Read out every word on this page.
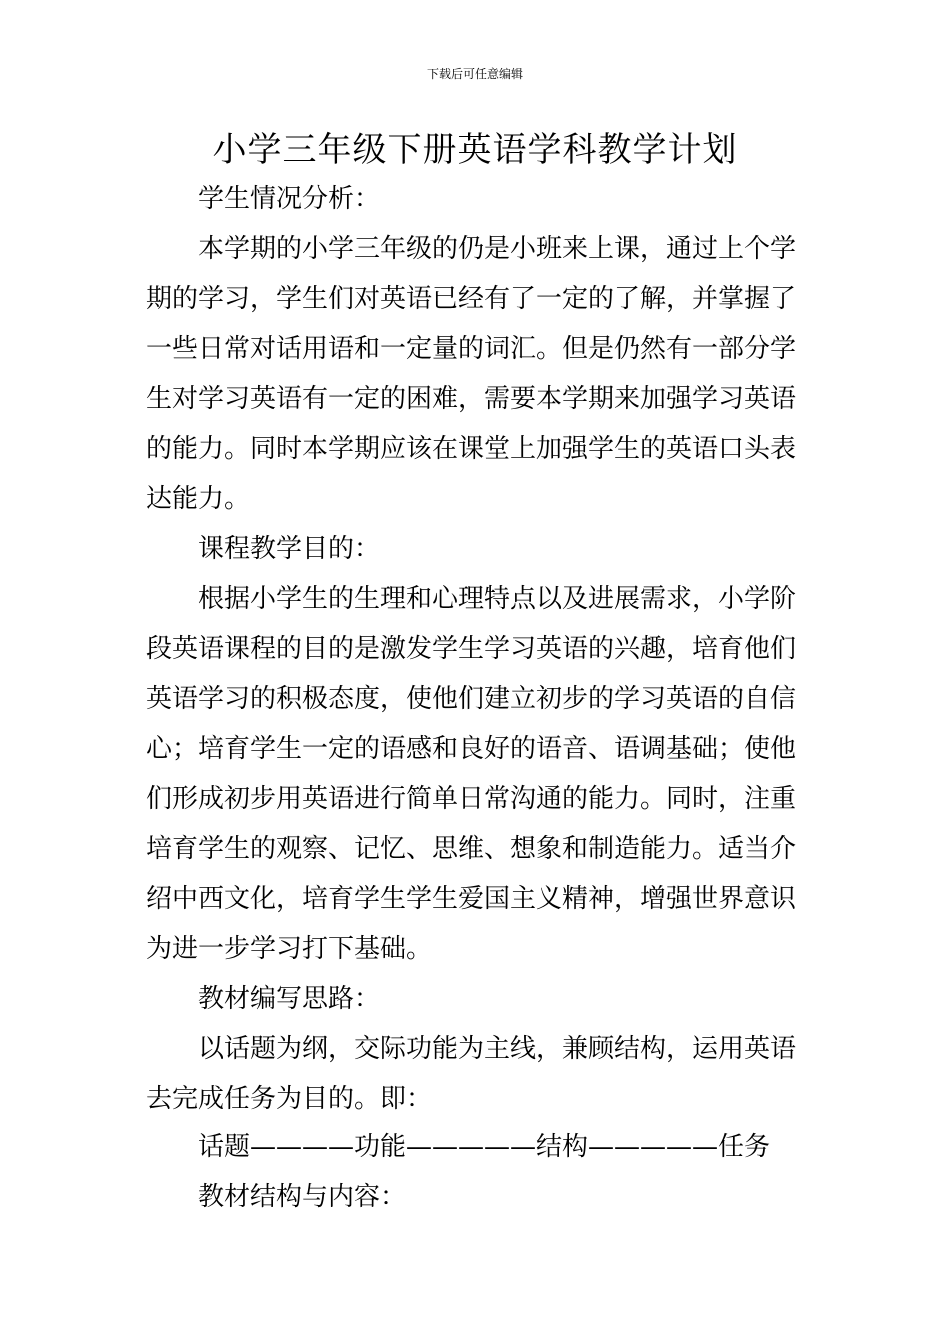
下载后可任意编辑
小学三年级下册英语学科教学计划
学生情况分析：
本学期的小学三年级的仍是小班来上课，通过上个学
期的学习，学生们对英语已经有了一定的了解，并掌握了
一些日常对话用语和一定量的词汇。但是仍然有一部分学
生对学习英语有一定的困难，需要本学期来加强学习英语
的能力。同时本学期应该在课堂上加强学生的英语口头表
达能力。
课程教学目的：
根据小学生的生理和心理特点以及进展需求，小学阶
段英语课程的目的是激发学生学习英语的兴趣，培育他们
英语学习的积极态度，使他们建立初步的学习英语的自信
心；培育学生一定的语感和良好的语音、语调基础；使他
们形成初步用英语进行简单日常沟通的能力。同时，注重
培育学生的观察、记忆、思维、想象和制造能力。适当介
绍中西文化，培育学生学生爱国主义精神，增强世界意识
为进一步学习打下基础。
教材编写思路：
以话题为纲，交际功能为主线，兼顾结构，运用英语
去完成任务为目的。即：
话题————功能—————结构—————任务
教材结构与内容：
